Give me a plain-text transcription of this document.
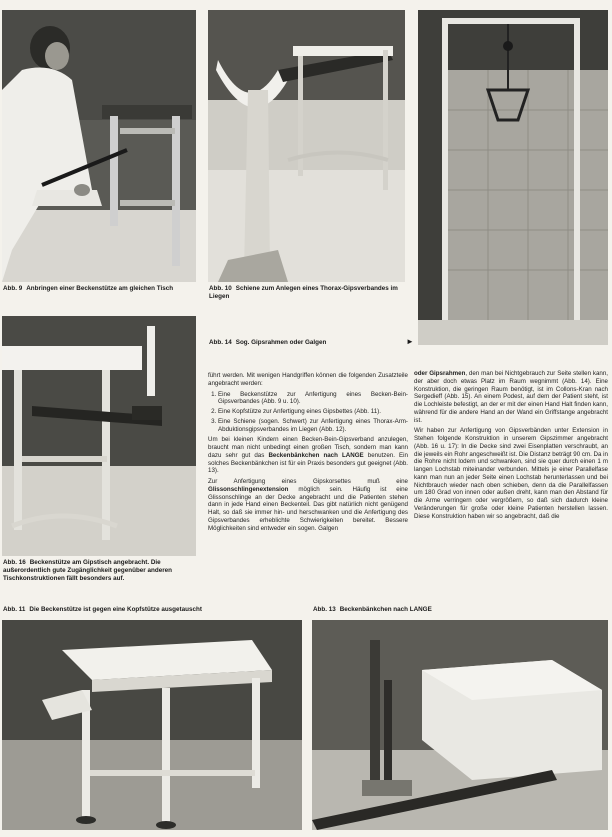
Abb. 9 Anbringen einer Beckenstütze am gleichen Tisch	Abb. 10 Schiene zum Anlegen eines Thorax-Gipsverbandes im Liegen
Abb. 14 Sog. Gipsrahmen oder Galgen	►
Abb. 16 Beckenstütze am Gipstisch angebracht. Die außerordentlich gute Zugänglichkeit gegenüber anderen Tischkonstruktionen fällt besonders auf.
Abb. 11 Die Beckenstütze ist gegen eine Kopfstütze ausgetauscht	Abb. 13 Beckenbänkchen nach LANGE

führt werden. Mit wenigen Handgriffen können die folgenden Zusatzteile angebracht werden:

1. Eine Beckenstütze zur Anfertigung eines Becken-Bein-Gipsverbandes (Abb. 9 u. 10).
2. Eine Kopfstütze zur Anfertigung eines Gipsbettes (Abb. 11).
3. Eine Schiene (sogen. Schwert) zur Anfertigung eines Thorax-Arm-Abduktionsgipsverbandes im Liegen (Abb. 12).

Um bei kleinen Kindern einen Becken-Bein-Gipsverband anzulegen, braucht man nicht unbedingt einen großen Tisch, sondern man kann dazu sehr gut das Beckenbänkchen nach LANGE benutzen. Ein solches Beckenbänkchen ist für ein Praxis besonders gut geeignet (Abb. 13).

Zur Anfertigung eines Gipskorsettes muß eine Glissonschlingenextension möglich sein. Häufig ist eine Glissonschlinge an der Decke angebracht und die Patienten stehen dann in jede Hand einen Beckenteil. Das gibt natürlich nicht genügend Halt, so daß sie immer hin- und herschwanken und die Anfertigung des Gipsverbandes erheblichte Schwierigkeiten bereitet. Bessere Möglichkeiten sind entweder ein sogen. Galgen

oder Gipsrahmen, den man bei Nichtgebrauch zur Seite stellen kann, der aber doch etwas Platz im Raum wegnimmt (Abb. 14). Eine Konstruktion, die geringen Raum benötigt, ist im Collons-Kran nach Sergedieff (Abb. 15). An einem Podest, auf dem der Patient steht, ist die Lochleiste befestigt, an der er mit der einen Hand Halt finden kann, während für die andere Hand an der Wand ein Griffstange angebracht ist.

Wir haben zur Anfertigung von Gipsverbänden unter Extension in Stehen folgende Konstruktion in unserem Gipszimmer angebracht (Abb. 16 u. 17): In die Decke sind zwei Eisenplatten verschraubt, an die jeweils ein Rohr angeschweißt ist. Die Distanz beträgt 90 cm. Da in die Rohre nicht lodern und schwanken, sind sie quer durch einen 1 m langen Lochstab miteinander verbunden. Mittels je einer Parallelfase kann man nun an jeder Seite einen Lochstab herunterlassen und bei Nichtbrauch wieder nach oben schieben, denn da die Parallelfassen um 180 Grad von innen oder außen dreht, kann man den Abstand für die Arme verringern oder vergrößern, so daß sich dadurch kleine Veränderungen für große oder kleine Patienten herstellen lassen. Diese Konstruktion haben wir so angebracht, daß die
